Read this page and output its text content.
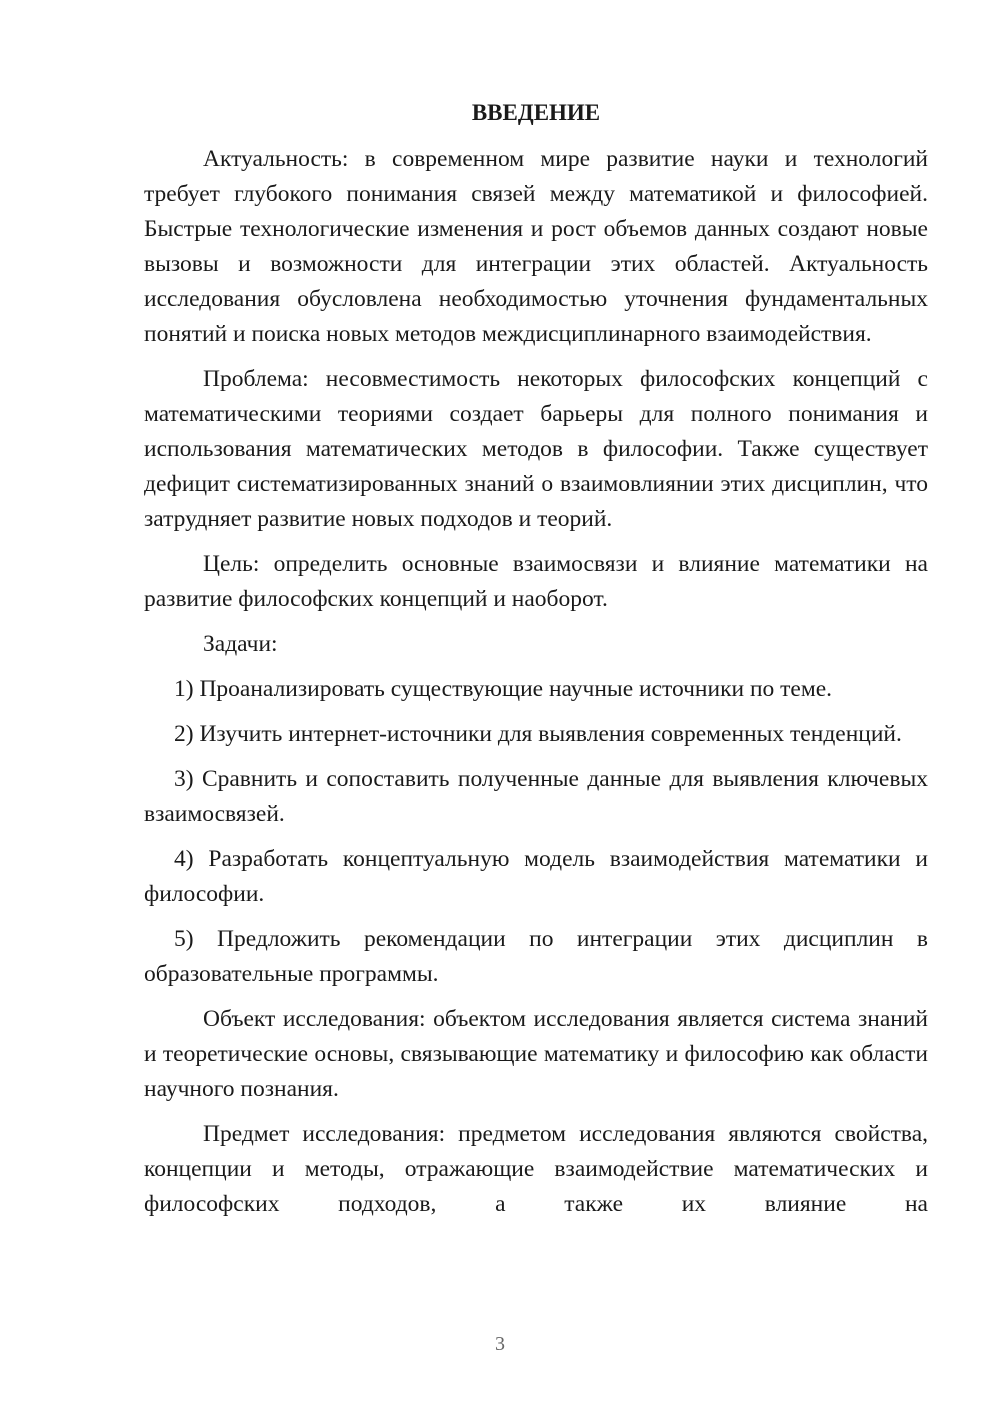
ВВЕДЕНИЕ

Актуальность: в современном мире развитие науки и технологий требует глубокого понимания связей между математикой и философией. Быстрые технологические изменения и рост объемов данных создают новые вызовы и возможности для интеграции этих областей. Актуальность исследования обусловлена необходимостью уточнения фундаментальных понятий и поиска новых методов междисциплинарного взаимодействия.

Проблема: несовместимость некоторых философских концепций с математическими теориями создает барьеры для полного понимания и использования математических методов в философии. Также существует дефицит систематизированных знаний о взаимовлиянии этих дисциплин, что затрудняет развитие новых подходов и теорий.

Цель: определить основные взаимосвязи и влияние математики на развитие философских концепций и наоборот.

Задачи:

1) Проанализировать существующие научные источники по теме.

2) Изучить интернет-источники для выявления современных тенденций.

3) Сравнить и сопоставить полученные данные для выявления ключевых взаимосвязей.

4) Разработать концептуальную модель взаимодействия математики и философии.

5) Предложить рекомендации по интеграции этих дисциплин в образовательные программы.

Объект исследования: объектом исследования является система знаний и теоретические основы, связывающие математику и философию как области научного познания.

Предмет исследования: предметом исследования являются свойства, концепции и методы, отражающие взаимодействие математических и философских подходов, а также их влияние на

3
